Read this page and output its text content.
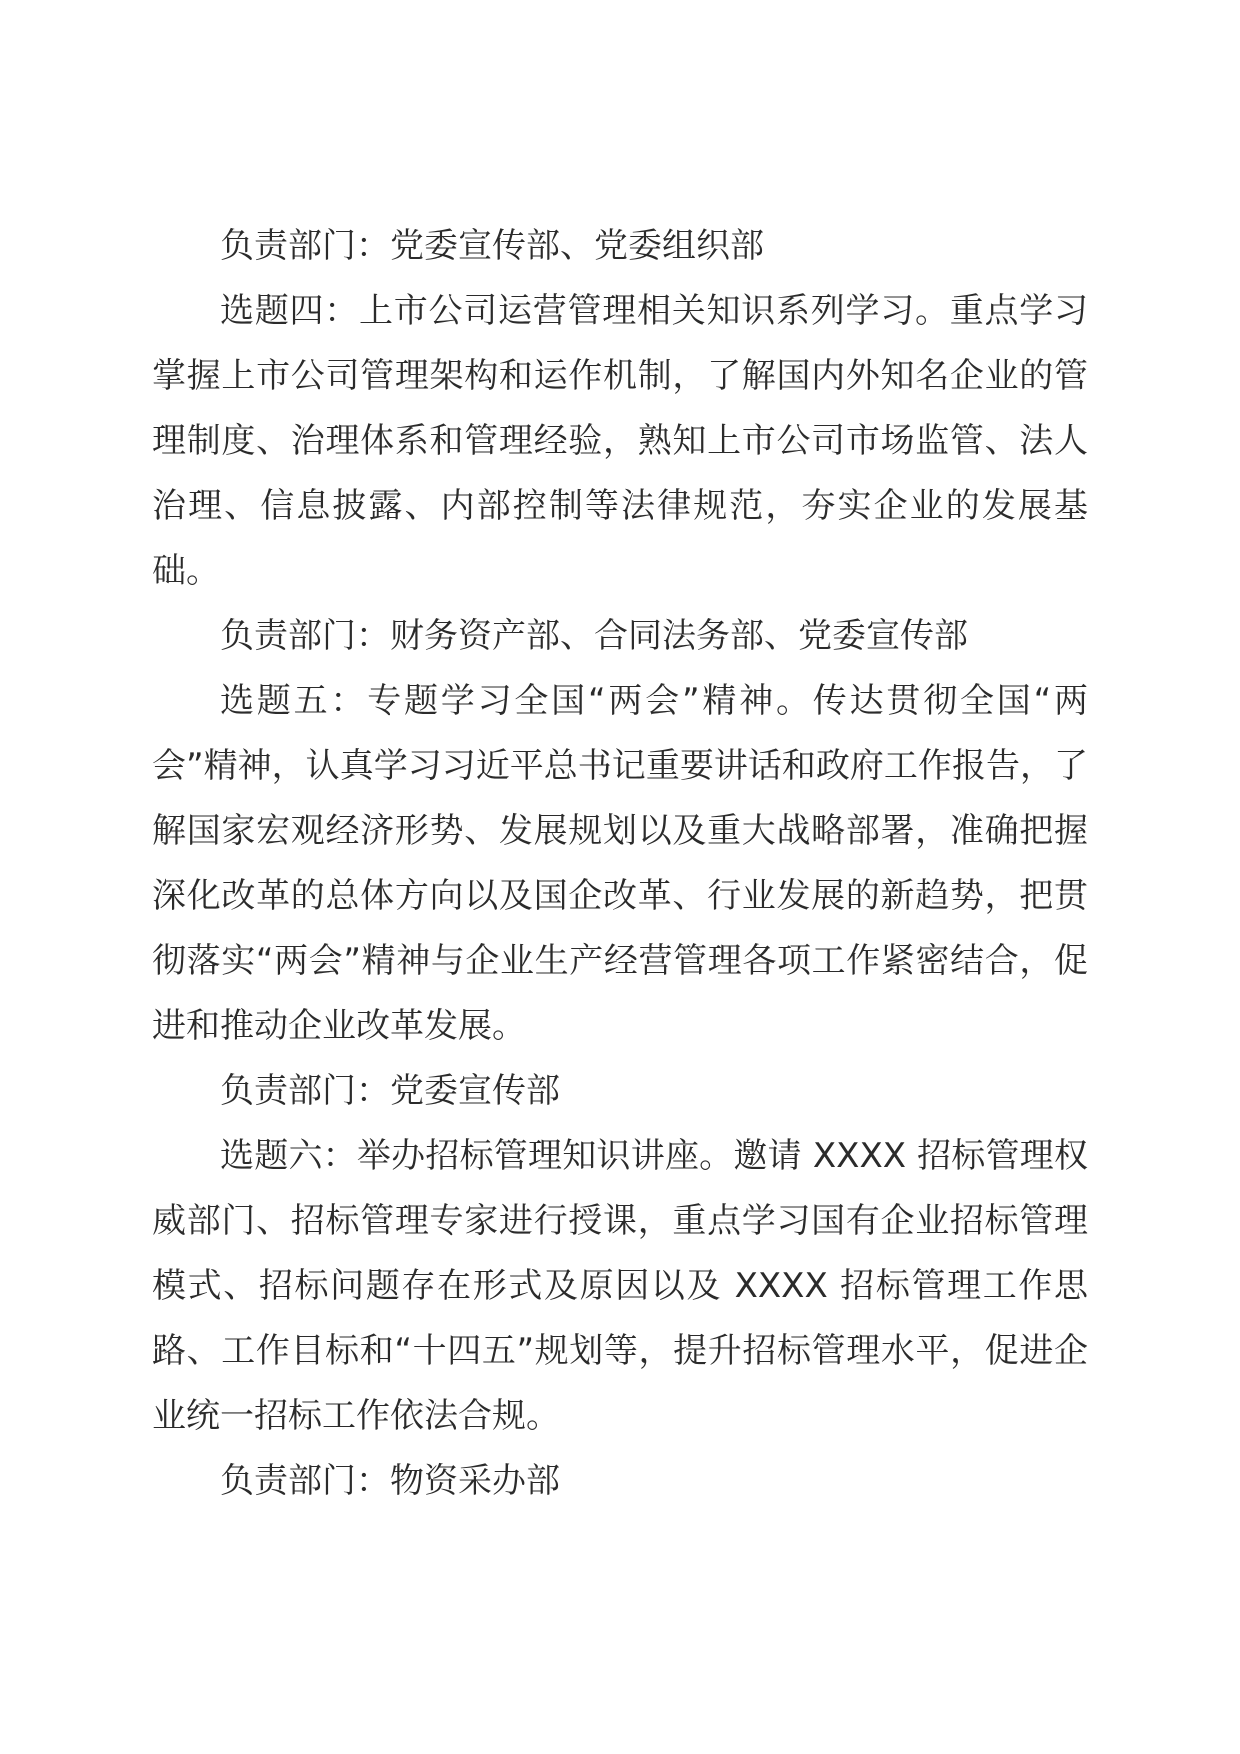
负责部门：党委宣传部、党委组织部

选题四：上市公司运营管理相关知识系列学习。重点学习掌握上市公司管理架构和运作机制，了解国内外知名企业的管理制度、治理体系和管理经验，熟知上市公司市场监管、法人治理、信息披露、内部控制等法律规范，夯实企业的发展基础。

负责部门：财务资产部、合同法务部、党委宣传部

选题五：专题学习全国“两会”精神。传达贯彻全国“两会”精神，认真学习习近平总书记重要讲话和政府工作报告，了解国家宏观经济形势、发展规划以及重大战略部署，准确把握深化改革的总体方向以及国企改革、行业发展的新趋势，把贯彻落实“两会”精神与企业生产经营管理各项工作紧密结合，促进和推动企业改革发展。

负责部门：党委宣传部

选题六：举办招标管理知识讲座。邀请 XXXX 招标管理权威部门、招标管理专家进行授课，重点学习国有企业招标管理模式、招标问题存在形式及原因以及 XXXX 招标管理工作思路、工作目标和“十四五”规划等，提升招标管理水平，促进企业统一招标工作依法合规。

负责部门：物资采办部
